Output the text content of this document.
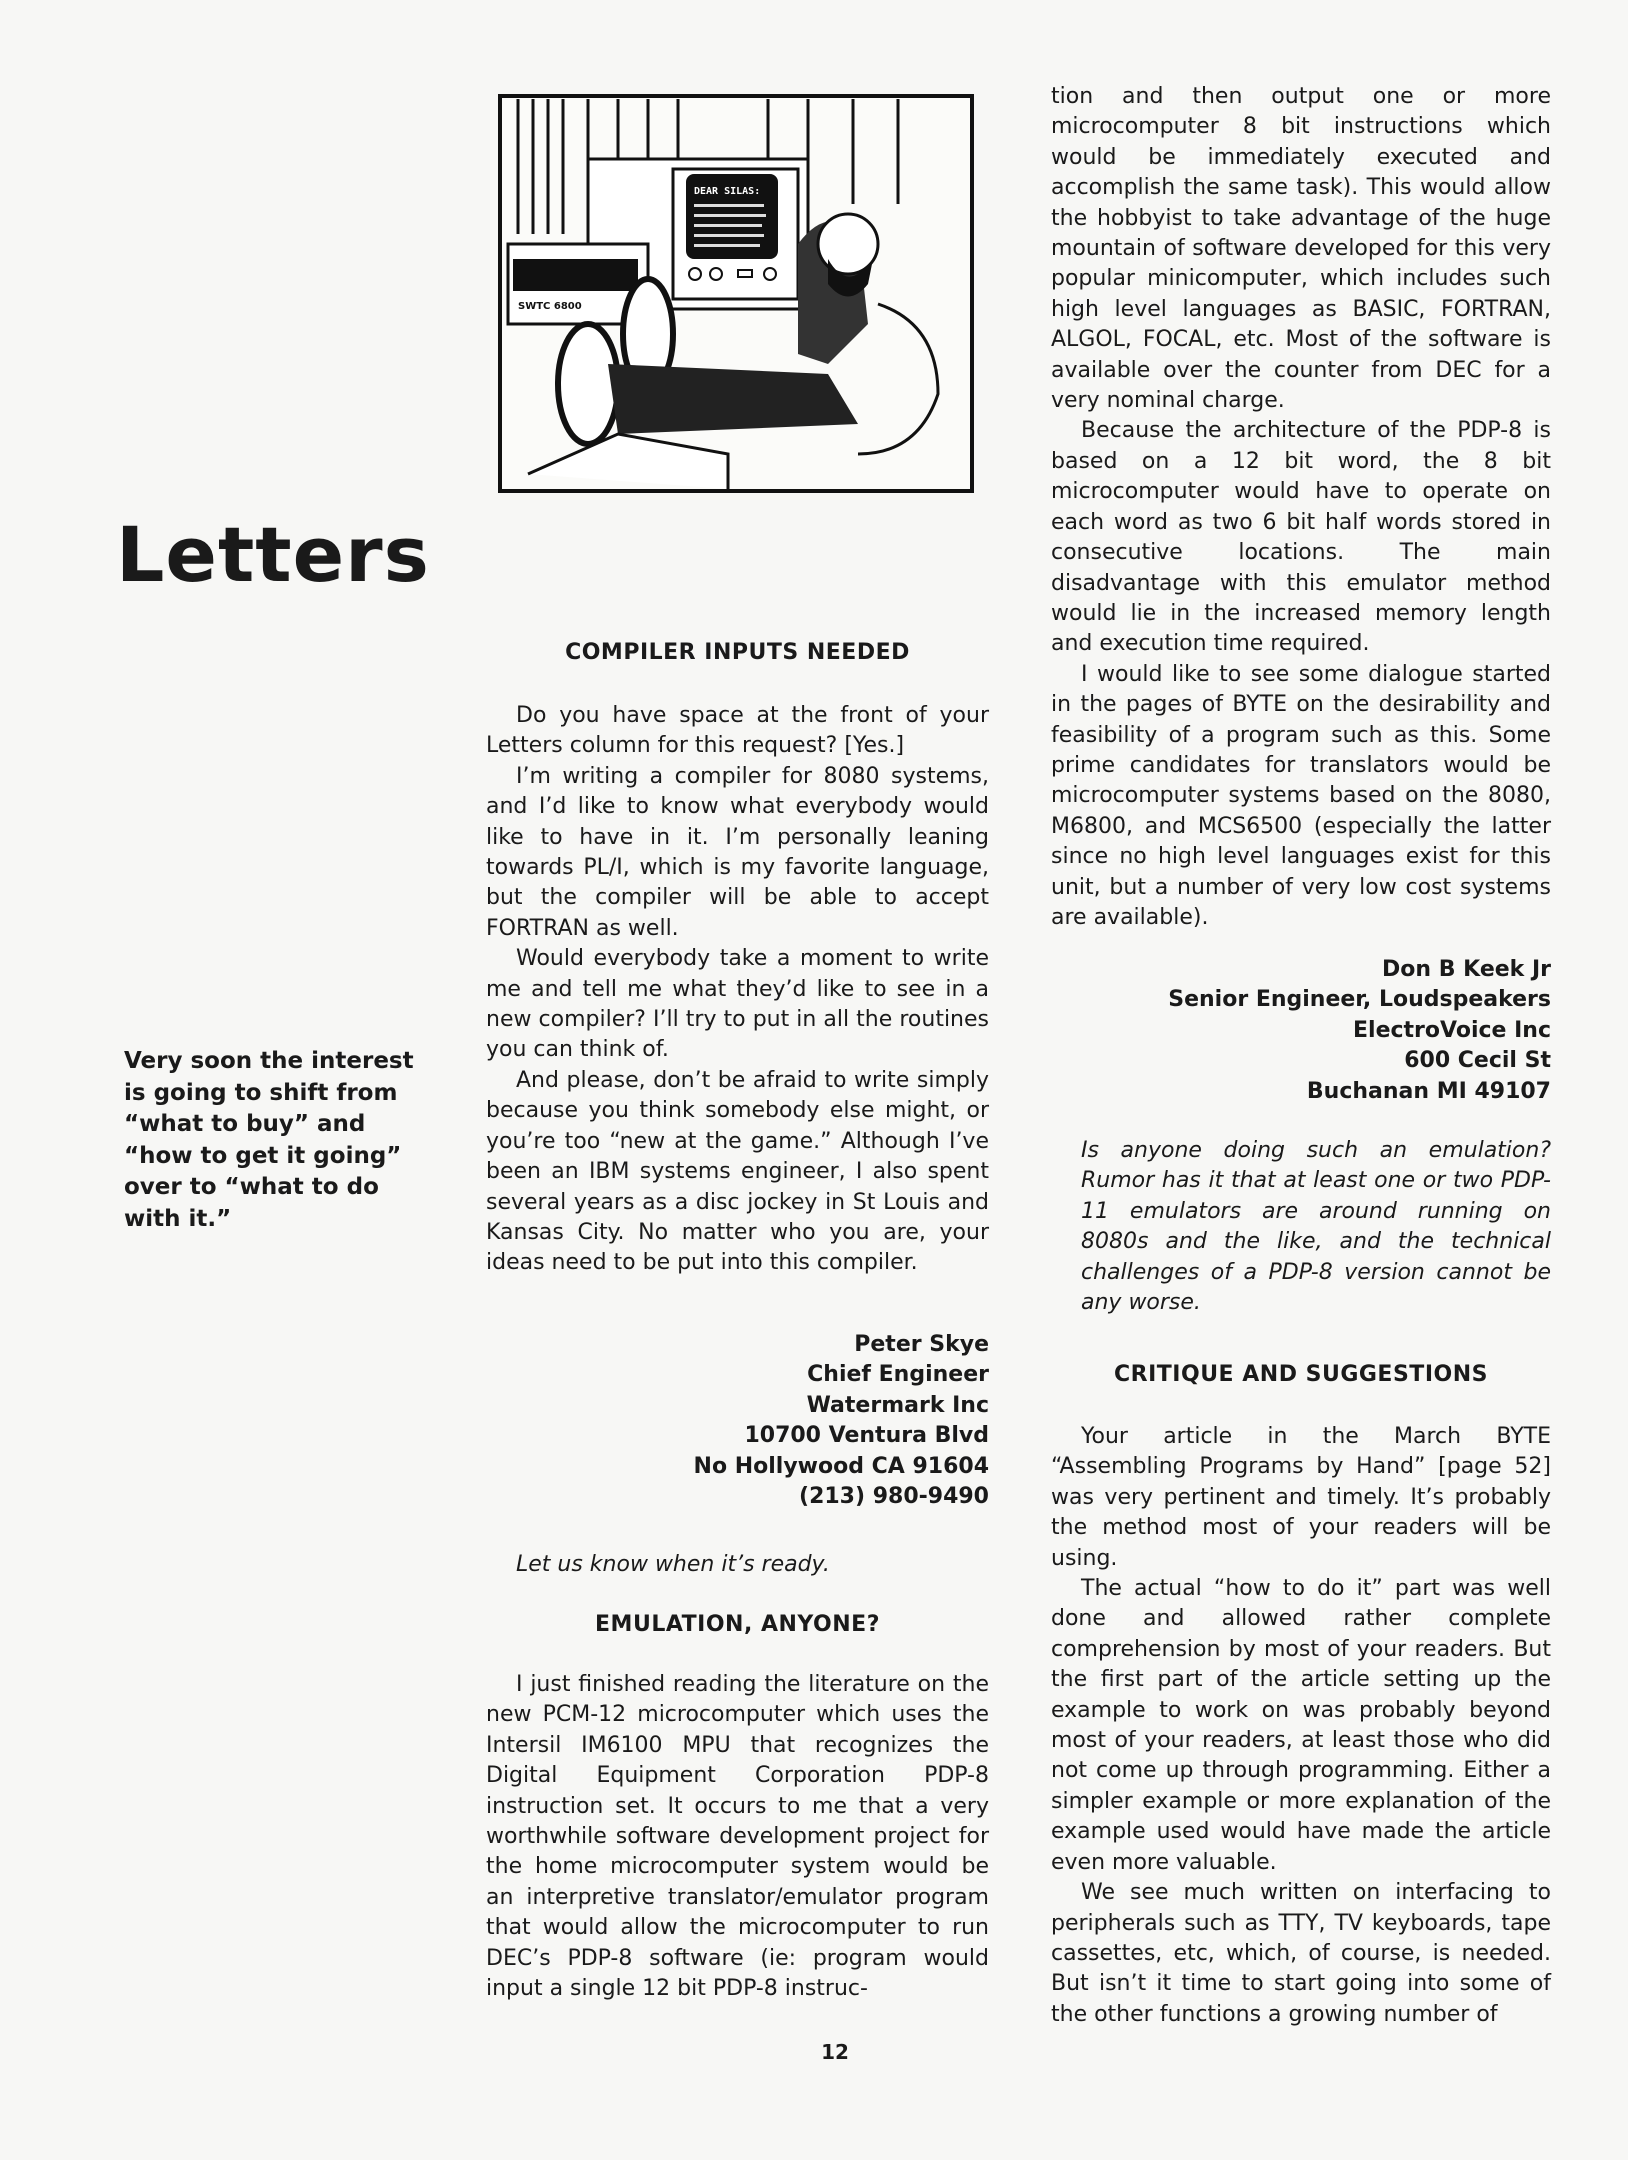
Letters
Very soon the interest is going to shift from “what to buy” and “how to get it going” over to “what to do with it.”
DEAR SILAS:
SWTC 6800
COMPILER INPUTS NEEDED

Do you have space at the front of your Letters column for this request? [Yes.]

I’m writing a compiler for 8080 systems, and I’d like to know what everybody would like to have in it. I’m personally leaning towards PL/I, which is my favorite language, but the compiler will be able to accept FORTRAN as well.

Would everybody take a moment to write me and tell me what they’d like to see in a new compiler? I’ll try to put in all the routines you can think of.

And please, don’t be afraid to write simply because you think somebody else might, or you’re too “new at the game.” Although I’ve been an IBM systems engineer, I also spent several years as a disc jockey in St Louis and Kansas City. No matter who you are, your ideas need to be put into this compiler.

Peter Skye
Chief Engineer
Watermark Inc
10700 Ventura Blvd
No Hollywood CA 91604
(213) 980-9490
Let us know when it’s ready.
EMULATION, ANYONE?

I just finished reading the literature on the new PCM-12 microcomputer which uses the Intersil IM6100 MPU that recognizes the Digital Equipment Corporation PDP-8 instruction set. It occurs to me that a very worthwhile software development project for the home microcomputer system would be an interpretive translator/emulator program that would allow the microcomputer to run DEC’s PDP-8 software (ie: program would input a single 12 bit PDP-8 instruc-

tion and then output one or more microcomputer 8 bit instructions which would be immediately executed and accomplish the same task). This would allow the hobbyist to take advantage of the huge mountain of software developed for this very popular minicomputer, which includes such high level languages as BASIC, FORTRAN, ALGOL, FOCAL, etc. Most of the software is available over the counter from DEC for a very nominal charge.

Because the architecture of the PDP-8 is based on a 12 bit word, the 8 bit microcomputer would have to operate on each word as two 6 bit half words stored in consecutive locations. The main disadvantage with this emulator method would lie in the increased memory length and execution time required.

I would like to see some dialogue started in the pages of BYTE on the desirability and feasibility of a program such as this. Some prime candidates for translators would be microcomputer systems based on the 8080, M6800, and MCS6500 (especially the latter since no high level languages exist for this unit, but a number of very low cost systems are available).

Don B Keek Jr
Senior Engineer, Loudspeakers
ElectroVoice Inc
600 Cecil St
Buchanan MI 49107
Is anyone doing such an emulation? Rumor has it that at least one or two PDP-11 emulators are around running on 8080s and the like, and the technical challenges of a PDP-8 version cannot be any worse.
CRITIQUE AND SUGGESTIONS

Your article in the March BYTE “Assembling Programs by Hand” [page 52] was very pertinent and timely. It’s probably the method most of your readers will be using.

The actual “how to do it” part was well done and allowed rather complete comprehension by most of your readers. But the first part of the article setting up the example to work on was probably beyond most of your readers, at least those who did not come up through programming. Either a simpler example or more explanation of the example used would have made the article even more valuable.

We see much written on interfacing to peripherals such as TTY, TV keyboards, tape cassettes, etc, which, of course, is needed. But isn’t it time to start going into some of the other functions a growing number of

12
